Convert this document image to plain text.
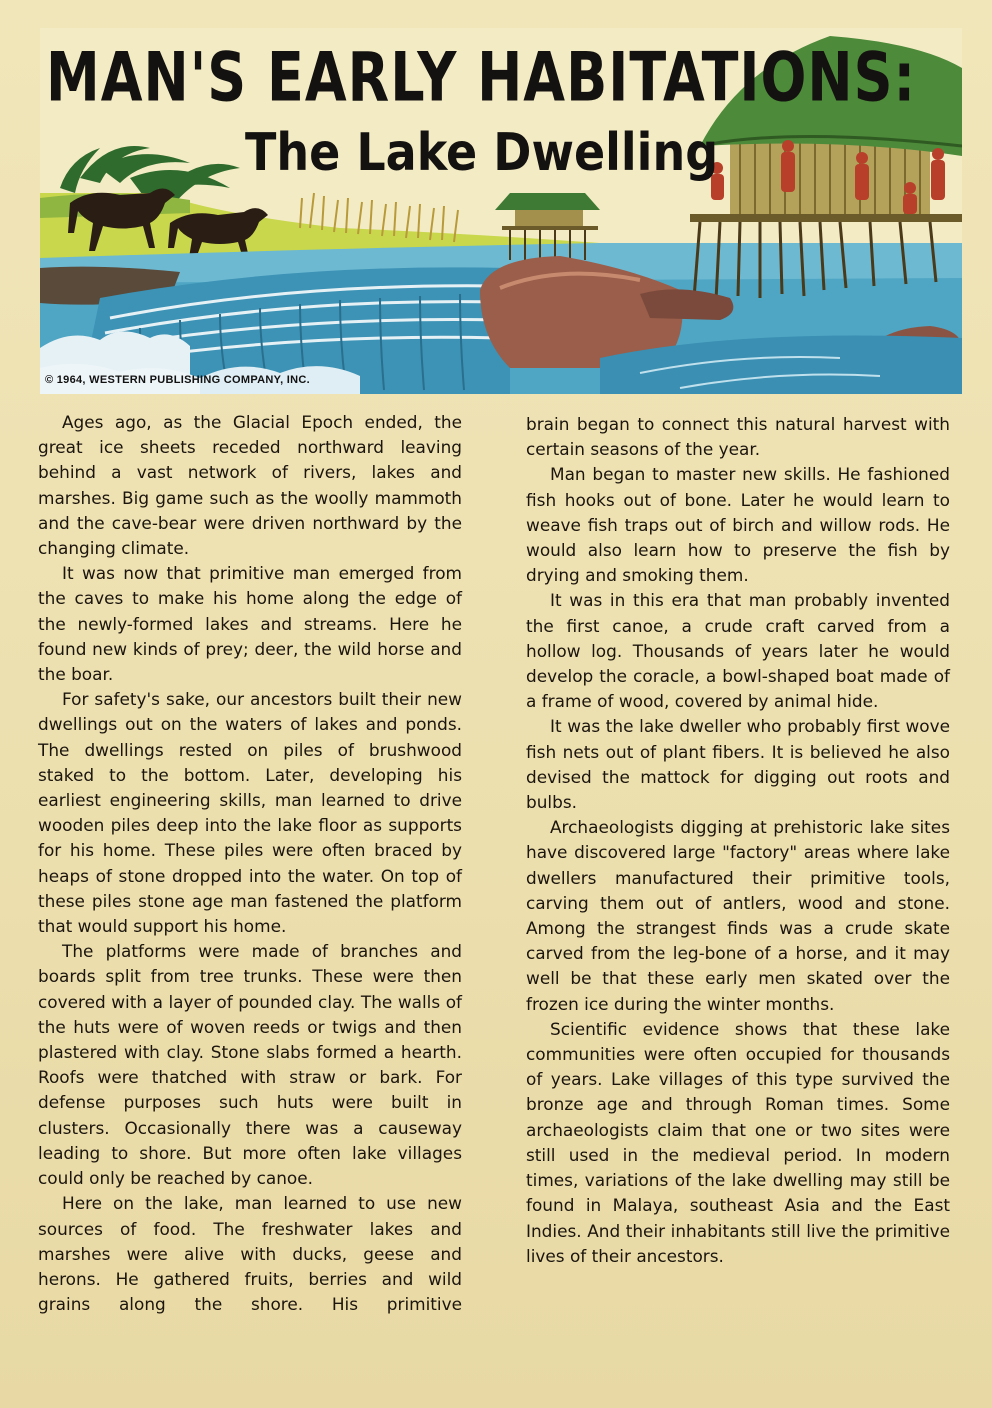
MAN'S EARLY HABITATIONS:
The Lake Dwelling
© 1964, WESTERN PUBLISHING COMPANY, INC.

Ages ago, as the Glacial Epoch ended, the great ice sheets receded northward leaving behind a vast network of rivers, lakes and marshes. Big game such as the woolly mammoth and the cave-bear were driven northward by the changing climate.

It was now that primitive man emerged from the caves to make his home along the edge of the newly-formed lakes and streams. Here he found new kinds of prey; deer, the wild horse and the boar.

For safety's sake, our ancestors built their new dwellings out on the waters of lakes and ponds. The dwellings rested on piles of brushwood staked to the bottom. Later, developing his earliest engineering skills, man learned to drive wooden piles deep into the lake floor as supports for his home. These piles were often braced by heaps of stone dropped into the water. On top of these piles stone age man fastened the platform that would support his home.

The platforms were made of branches and boards split from tree trunks. These were then covered with a layer of pounded clay. The walls of the huts were of woven reeds or twigs and then plastered with clay. Stone slabs formed a hearth. Roofs were thatched with straw or bark. For defense purposes such huts were built in clusters. Occasionally there was a causeway leading to shore. But more often lake villages could only be reached by canoe.

Here on the lake, man learned to use new sources of food. The freshwater lakes and marshes were alive with ducks, geese and herons. He gathered fruits, berries and wild grains along the shore. His primitive

brain began to connect this natural harvest with certain seasons of the year.

Man began to master new skills. He fashioned fish hooks out of bone. Later he would learn to weave fish traps out of birch and willow rods. He would also learn how to preserve the fish by drying and smoking them.

It was in this era that man probably invented the first canoe, a crude craft carved from a hollow log. Thousands of years later he would develop the coracle, a bowl-shaped boat made of a frame of wood, covered by animal hide.

It was the lake dweller who probably first wove fish nets out of plant fibers. It is believed he also devised the mattock for digging out roots and bulbs.

Archaeologists digging at prehistoric lake sites have discovered large "factory" areas where lake dwellers manufactured their primitive tools, carving them out of antlers, wood and stone. Among the strangest finds was a crude skate carved from the leg-bone of a horse, and it may well be that these early men skated over the frozen ice during the winter months.

Scientific evidence shows that these lake communities were often occupied for thousands of years. Lake villages of this type survived the bronze age and through Roman times. Some archaeologists claim that one or two sites were still used in the medieval period. In modern times, variations of the lake dwelling may still be found in Malaya, southeast Asia and the East Indies. And their inhabitants still live the primitive lives of their ancestors.
